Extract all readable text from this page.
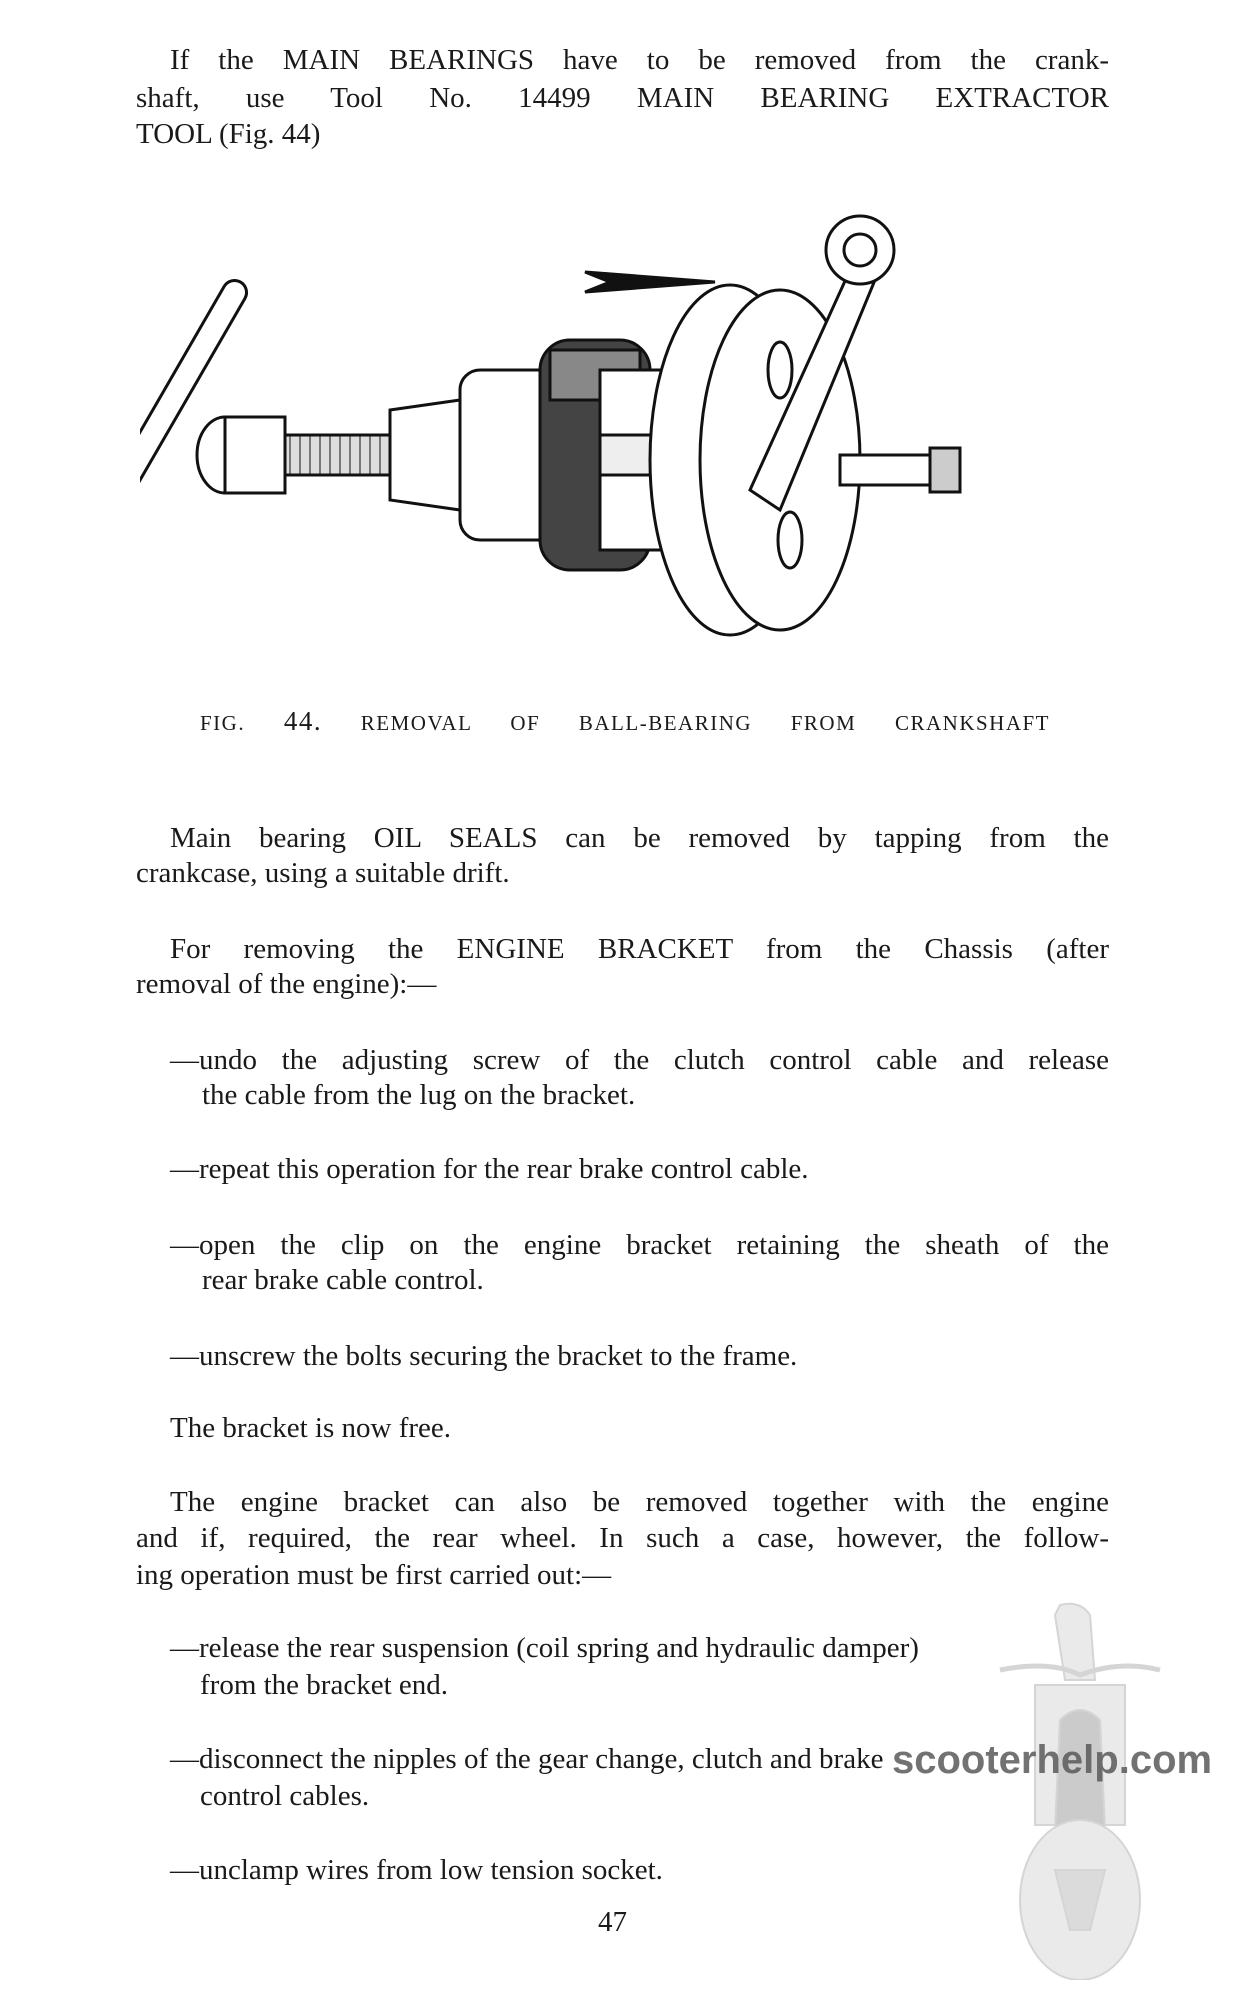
If the MAIN BEARINGS have to be removed from the crank-
shaft, use Tool No. 14499 MAIN BEARING EXTRACTOR
TOOL (Fig. 44)
FIG. 44. REMOVAL OF BALL-BEARING FROM CRANKSHAFT
Main bearing OIL SEALS can be removed by tapping from the
crankcase, using a suitable drift.
For removing the ENGINE BRACKET from the Chassis (after
removal of the engine):—
—undo the adjusting screw of the clutch control cable and release
the cable from the lug on the bracket.
—repeat this operation for the rear brake control cable.
—open the clip on the engine bracket retaining the sheath of the
rear brake cable control.
—unscrew the bolts securing the bracket to the frame.
The bracket is now free.
The engine bracket can also be removed together with the engine
and if, required, the rear wheel. In such a case, however, the follow-
ing operation must be first carried out:—
—release the rear suspension (coil spring and hydraulic damper)
from the bracket end.
—disconnect the nipples of the gear change, clutch and brake
control cables.
—unclamp wires from low tension socket.
47
scooterhelp.com
